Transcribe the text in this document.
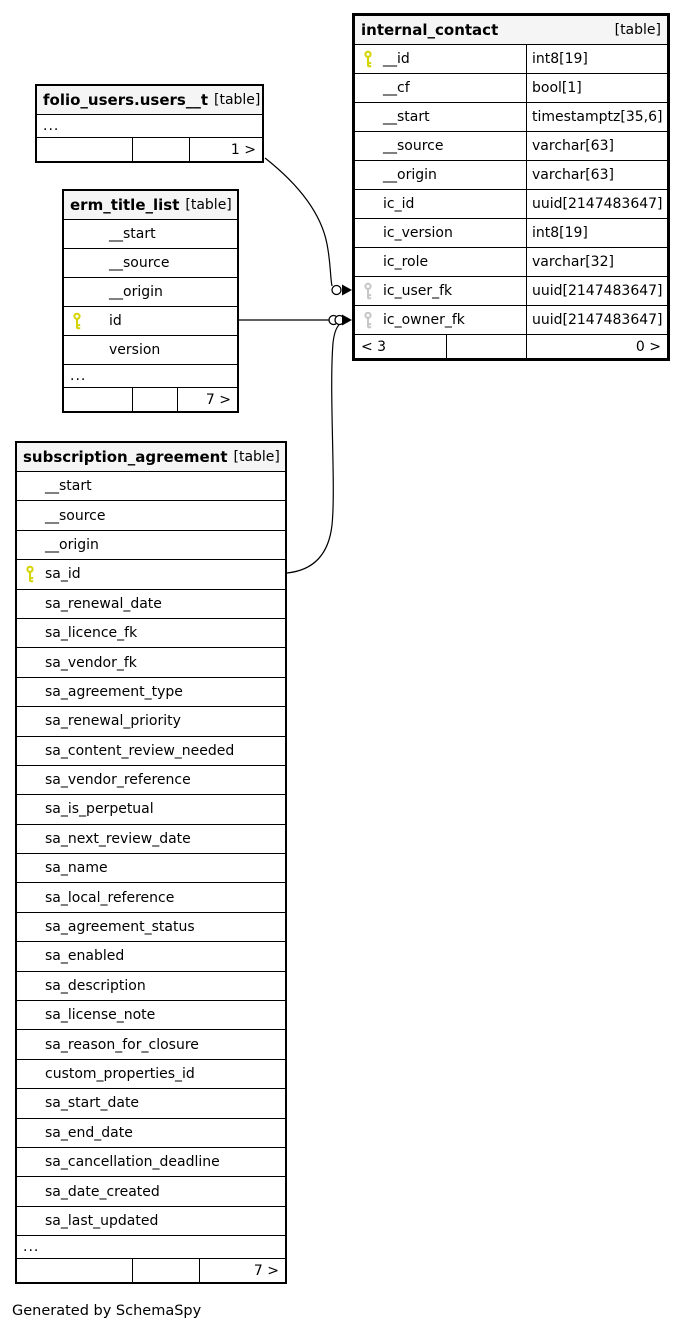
internal_contact	[table]
__id	int8[19]
__cf	bool[1]
__start	timestamptz[35,6]
__source	varchar[63]
__origin	varchar[63]
ic_id	uuid[2147483647]
ic_version	int8[19]
ic_role	varchar[32]
ic_user_fk	uuid[2147483647]
ic_owner_fk	uuid[2147483647]
< 3	0 >
folio_users.users__t [table]
...
1 >
erm_title_list [table]
__start
__source
__origin
id
version
...
7 >
subscription_agreement [table]
__start
__source
__origin
sa_id
sa_renewal_date
sa_licence_fk
sa_vendor_fk
sa_agreement_type
sa_renewal_priority
sa_content_review_needed
sa_vendor_reference
sa_is_perpetual
sa_next_review_date
sa_name
sa_local_reference
sa_agreement_status
sa_enabled
sa_description
sa_license_note
sa_reason_for_closure
custom_properties_id
sa_start_date
sa_end_date
sa_cancellation_deadline
sa_date_created
sa_last_updated
...
7 >
Generated by SchemaSpy
